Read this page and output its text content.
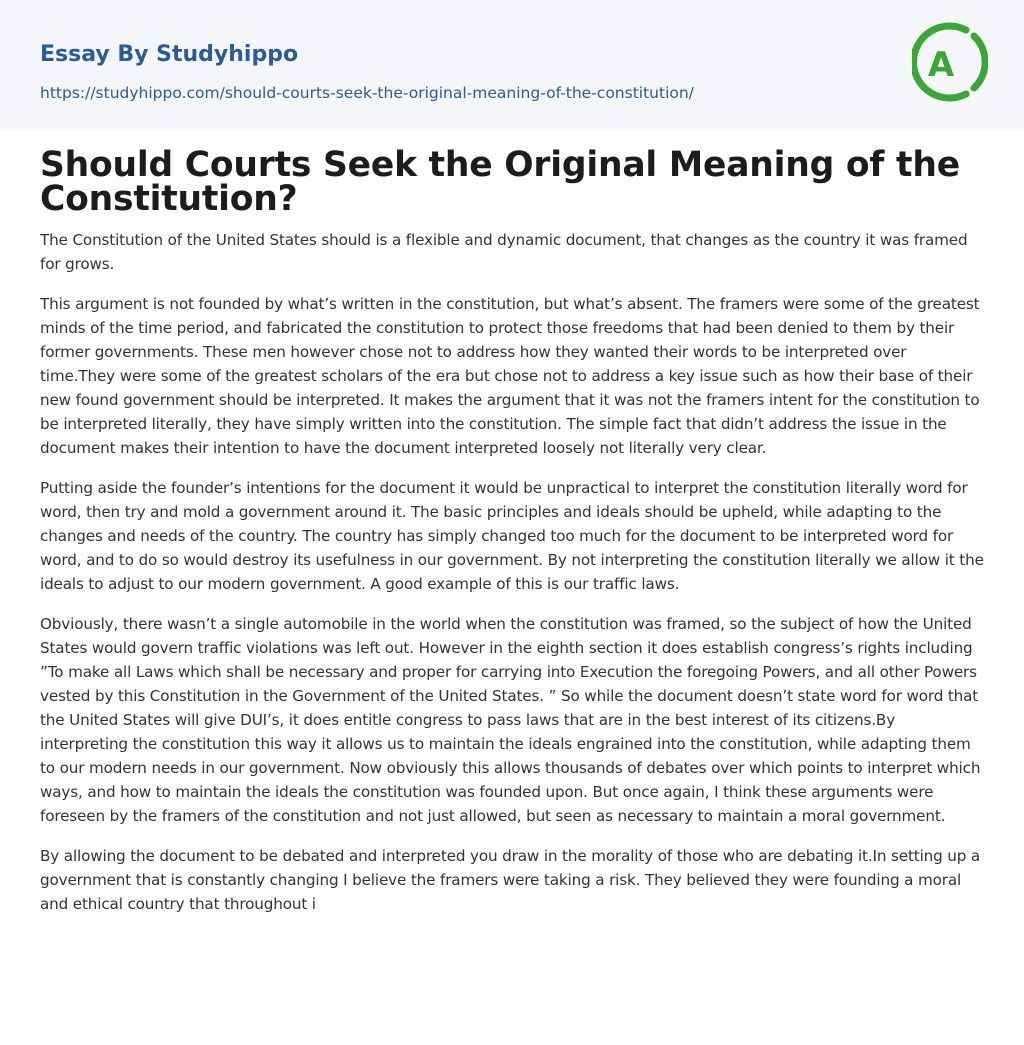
Essay By Studyhippo
https://studyhippo.com/should-courts-seek-the-original-meaning-of-the-constitution/
A
Should Courts Seek the Original Meaning of the Constitution?

The Constitution of the United States should is a flexible and dynamic document, that changes as the country it was framed for grows.

This argument is not founded by what’s written in the constitution, but what’s absent. The framers were some of the greatest minds of the time period, and fabricated the constitution to protect those freedoms that had been denied to them by their former governments. These men however chose not to address how they wanted their words to be interpreted over time.They were some of the greatest scholars of the era but chose not to address a key issue such as how their base of their new found government should be interpreted. It makes the argument that it was not the framers intent for the constitution to be interpreted literally, they have simply written into the constitution. The simple fact that didn’t address the issue in the document makes their intention to have the document interpreted loosely not literally very clear.

Putting aside the founder’s intentions for the document it would be unpractical to interpret the constitution literally word for word, then try and mold a government around it. The basic principles and ideals should be upheld, while adapting to the changes and needs of the country. The country has simply changed too much for the document to be interpreted word for word, and to do so would destroy its usefulness in our government. By not interpreting the constitution literally we allow it the ideals to adjust to our modern government. A good example of this is our traffic laws.

Obviously, there wasn’t a single automobile in the world when the constitution was framed, so the subject of how the United States would govern traffic violations was left out. However in the eighth section it does establish congress’s rights including ”To make all Laws which shall be necessary and proper for carrying into Execution the foregoing Powers, and all other Powers vested by this Constitution in the Government of the United States. ” So while the document doesn’t state word for word that the United States will give DUI’s, it does entitle congress to pass laws that are in the best interest of its citizens.By interpreting the constitution this way it allows us to maintain the ideals engrained into the constitution, while adapting them to our modern needs in our government. Now obviously this allows thousands of debates over which points to interpret which ways, and how to maintain the ideals the constitution was founded upon. But once again, I think these arguments were foreseen by the framers of the constitution and not just allowed, but seen as necessary to maintain a moral government.

By allowing the document to be debated and interpreted you draw in the morality of those who are debating it.In setting up a government that is constantly changing I believe the framers were taking a risk. They believed they were founding a moral and ethical country that throughout i
